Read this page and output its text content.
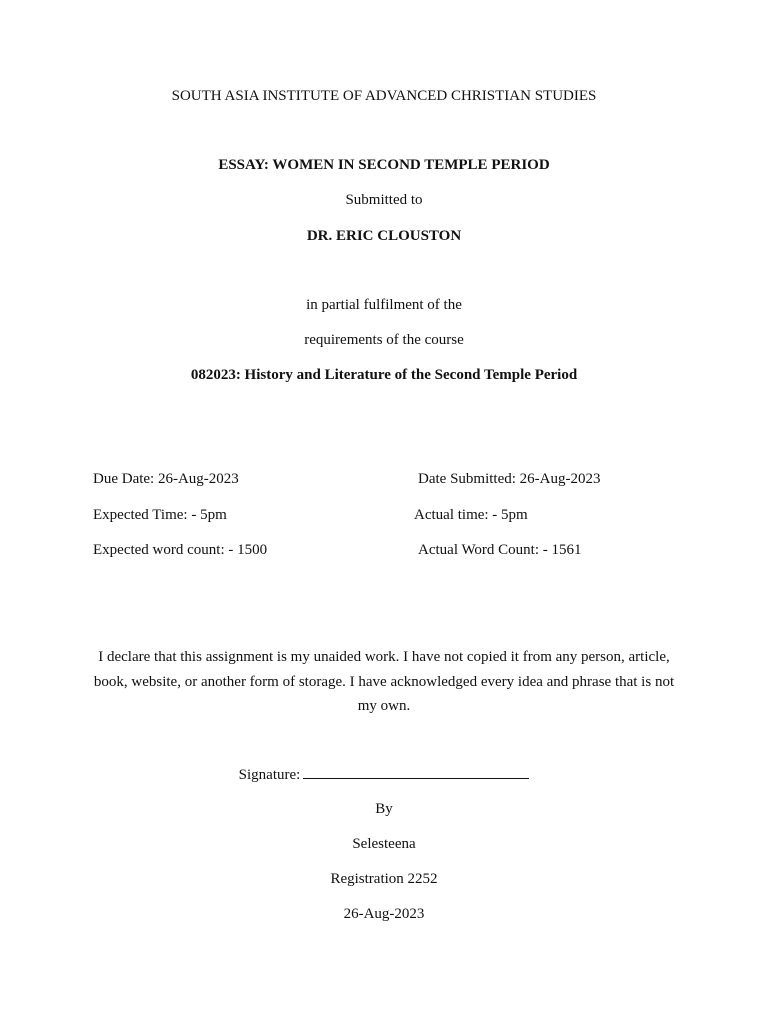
SOUTH ASIA INSTITUTE OF ADVANCED CHRISTIAN STUDIES
ESSAY: WOMEN IN SECOND TEMPLE PERIOD
Submitted to
DR. ERIC CLOUSTON
in partial fulfilment of the
requirements of the course
082023: History and Literature of the Second Temple Period
Due Date: 26-Aug-2023	Date Submitted: 26-Aug-2023
Expected Time: - 5pm	Actual time: - 5pm
Expected word count: - 1500	Actual Word Count: - 1561
I declare that this assignment is my unaided work. I have not copied it from any person, article, book, website, or another form of storage. I have acknowledged every idea and phrase that is not my own.
Signature:
By
Selesteena
Registration 2252
26-Aug-2023
